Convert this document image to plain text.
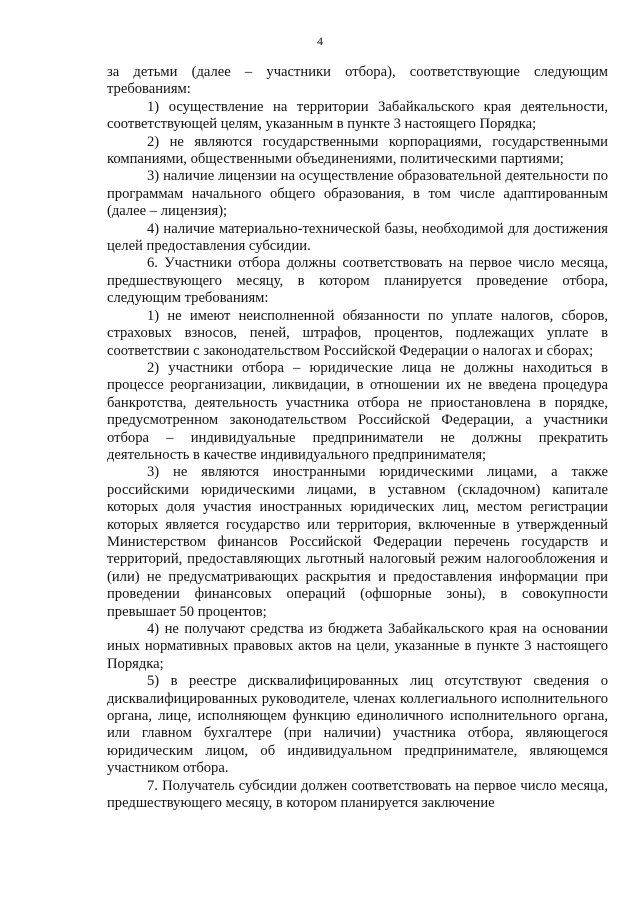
4

за детьми (далее – участники отбора), соответствующие следующим требованиям:

1) осуществление на территории Забайкальского края деятельности, соответствующей целям, указанным в пункте 3 настоящего Порядка;

2) не являются государственными корпорациями, государственными компаниями, общественными объединениями, политическими партиями;

3) наличие лицензии на осуществление образовательной деятельности по программам начального общего образования, в том числе адаптированным (далее – лицензия);

4) наличие материально-технической базы, необходимой для достижения целей предоставления субсидии.

6. Участники отбора должны соответствовать на первое число месяца, предшествующего месяцу, в котором планируется проведение отбора, следующим требованиям:

1) не имеют неисполненной обязанности по уплате налогов, сборов, страховых взносов, пеней, штрафов, процентов, подлежащих уплате в соответствии с законодательством Российской Федерации о налогах и сборах;

2) участники отбора – юридические лица не должны находиться в процессе реорганизации, ликвидации, в отношении их не введена процедура банкротства, деятельность участника отбора не приостановлена в порядке, предусмотренном законодательством Российской Федерации, а участники отбора – индивидуальные предприниматели не должны прекратить деятельность в качестве индивидуального предпринимателя;

3) не являются иностранными юридическими лицами, а также российскими юридическими лицами, в уставном (складочном) капитале которых доля участия иностранных юридических лиц, местом регистрации которых является государство или территория, включенные в утвержденный Министерством финансов Российской Федерации перечень государств и территорий, предоставляющих льготный налоговый режим налогообложения и (или) не предусматривающих раскрытия и предоставления информации при проведении финансовых операций (офшорные зоны), в совокупности превышает 50 процентов;

4) не получают средства из бюджета Забайкальского края на основании иных нормативных правовых актов на цели, указанные в пункте 3 настоящего Порядка;

5) в реестре дисквалифицированных лиц отсутствуют сведения о дисквалифицированных руководителе, членах коллегиального исполнительного органа, лице, исполняющем функцию единоличного исполнительного органа, или главном бухгалтере (при наличии) участника отбора, являющегося юридическим лицом, об индивидуальном предпринимателе, являющемся участником отбора.

7. Получатель субсидии должен соответствовать на первое число месяца, предшествующего месяцу, в котором планируется заключение
